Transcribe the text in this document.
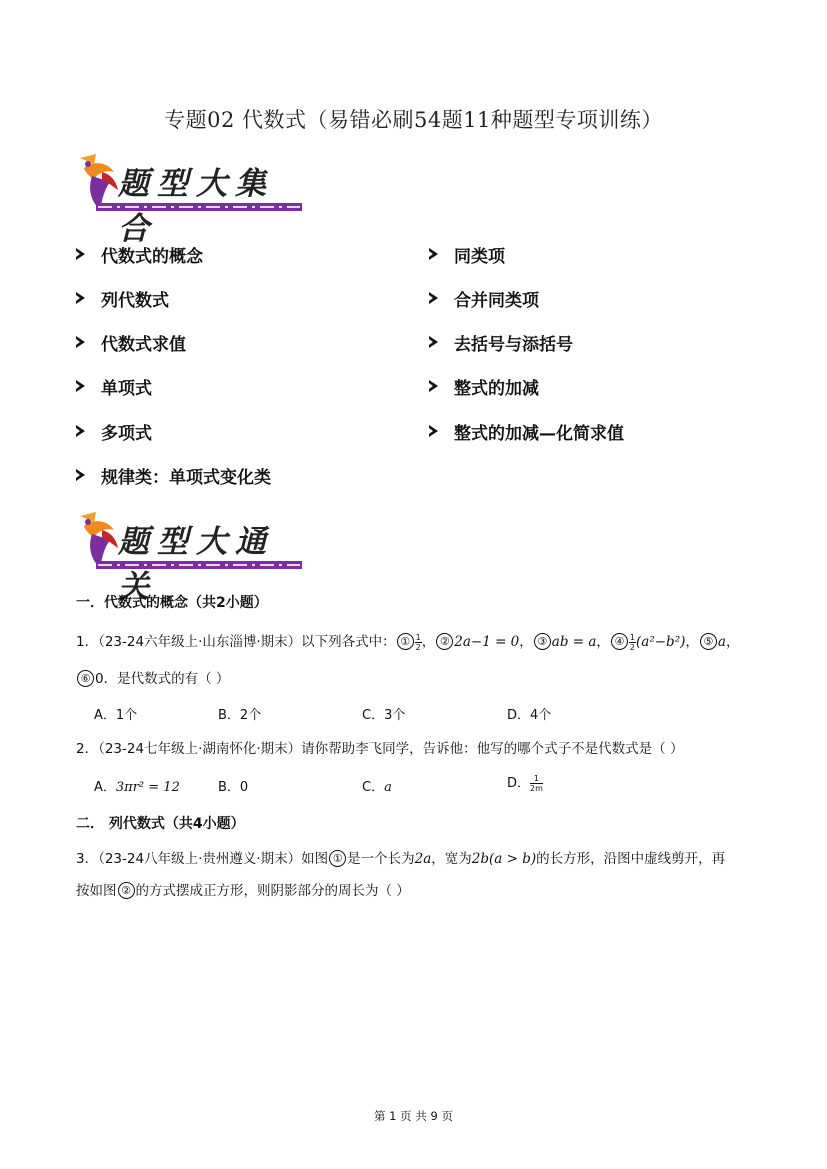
专题02 代数式（易错必刷54题11种题型专项训练）
题型大集合
代数式的概念
列代数式
代数式求值
单项式
多项式
规律类：单项式变化类
同类项
合并同类项
去括号与添括号
整式的加减
整式的加减—化简求值
题型大通关
一．代数式的概念（共2小题）
1．（23-24六年级上·山东淄博·期末）以下列各式中： ① $\frac{1}{2}$ ， ② 2a−1 = 0， ③ ab = a， ④ $\frac{1}{2} (a^2-b^2)$， ⑤ a，
⑥ 0．是代数式的有（ ）
A．1个	B．2个	C．3个	D．4个
2．（23-24七年级上·湖南怀化·期末）请你帮助李飞同学，告诉他：他写的哪个式子不是代数式是（ ）
A．3πr² = 12	B．0	C．a	D． $\frac{1}{2m}$
二． 列代数式（共4小题）
3．（23-24八年级上·贵州遵义·期末）如图 ① 是一个长为2a，宽为2b(a > b)的长方形，沿图中虚线剪开，再
按如图 ② 的方式摆成正方形，则阴影部分的周长为（ ）
第 1 页 共 9 页
